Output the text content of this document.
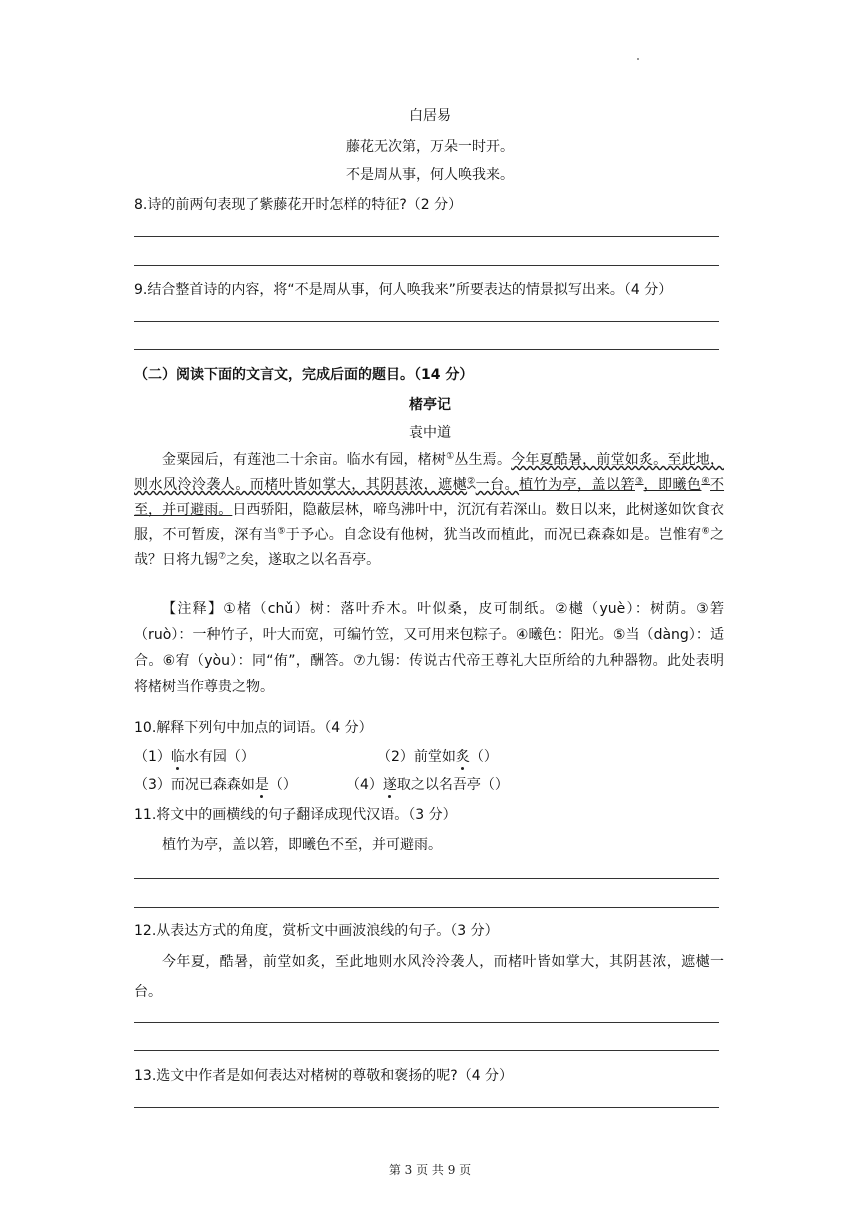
白居易
藤花无次第，万朵一时开。
不是周从事，何人唤我来。
8.诗的前两句表现了紫藤花开时怎样的特征?（2 分）
9.结合整首诗的内容，将“不是周从事，何人唤我来”所要表达的情景拟写出来。（4 分）
（二）阅读下面的文言文，完成后面的题目。（14 分）
楮亭记
袁中道
金粟园后，有莲池二十余亩。临水有园，楮树①丛生焉。今年夏酷暑，前堂如炙。至此地，则水风泠泠袭人。而楮叶皆如掌大，其阴甚浓，遮樾②一台。植竹为亭，盖以箬③，即曦色④不至，并可避雨。日西骄阳，隐蔽层林，啼鸟沸叶中，沉沉有若深山。数日以来，此树遂如饮食衣服，不可暂废，深有当⑤于予心。自念设有他树，犹当改而植此，而况已森森如是。岂惟宥⑥之哉？日将九锡⑦之矣，遂取之以名吾亭。
【注释】①楮（chǔ）树：落叶乔木。叶似桑，皮可制纸。②樾（yuè）：树荫。③箬（ruò）：一种竹子，叶大而宽，可编竹笠，又可用来包粽子。④曦色：阳光。⑤当（dàng）：适合。⑥宥（yòu）：同“侑”，酬答。⑦九锡：传说古代帝王尊礼大臣所给的九种器物。此处表明将楮树当作尊贵之物。
10.解释下列句中加点的词语。（4 分）
（1）临水有园（）	（2）前堂如炙（）
（3）而况已森森如是（）	（4）遂取之以名吾亭（）
11.将文中的画横线的句子翻译成现代汉语。（3 分）
植竹为亭，盖以箬，即曦色不至，并可避雨。
12.从表达方式的角度，赏析文中画波浪线的句子。（3 分）
今年夏，酷暑，前堂如炙，至此地则水风泠泠袭人，而楮叶皆如掌大，其阴甚浓，遮樾一台。
13.选文中作者是如何表达对楮树的尊敬和褒扬的呢?（4 分）
第 3 页 共 9 页
